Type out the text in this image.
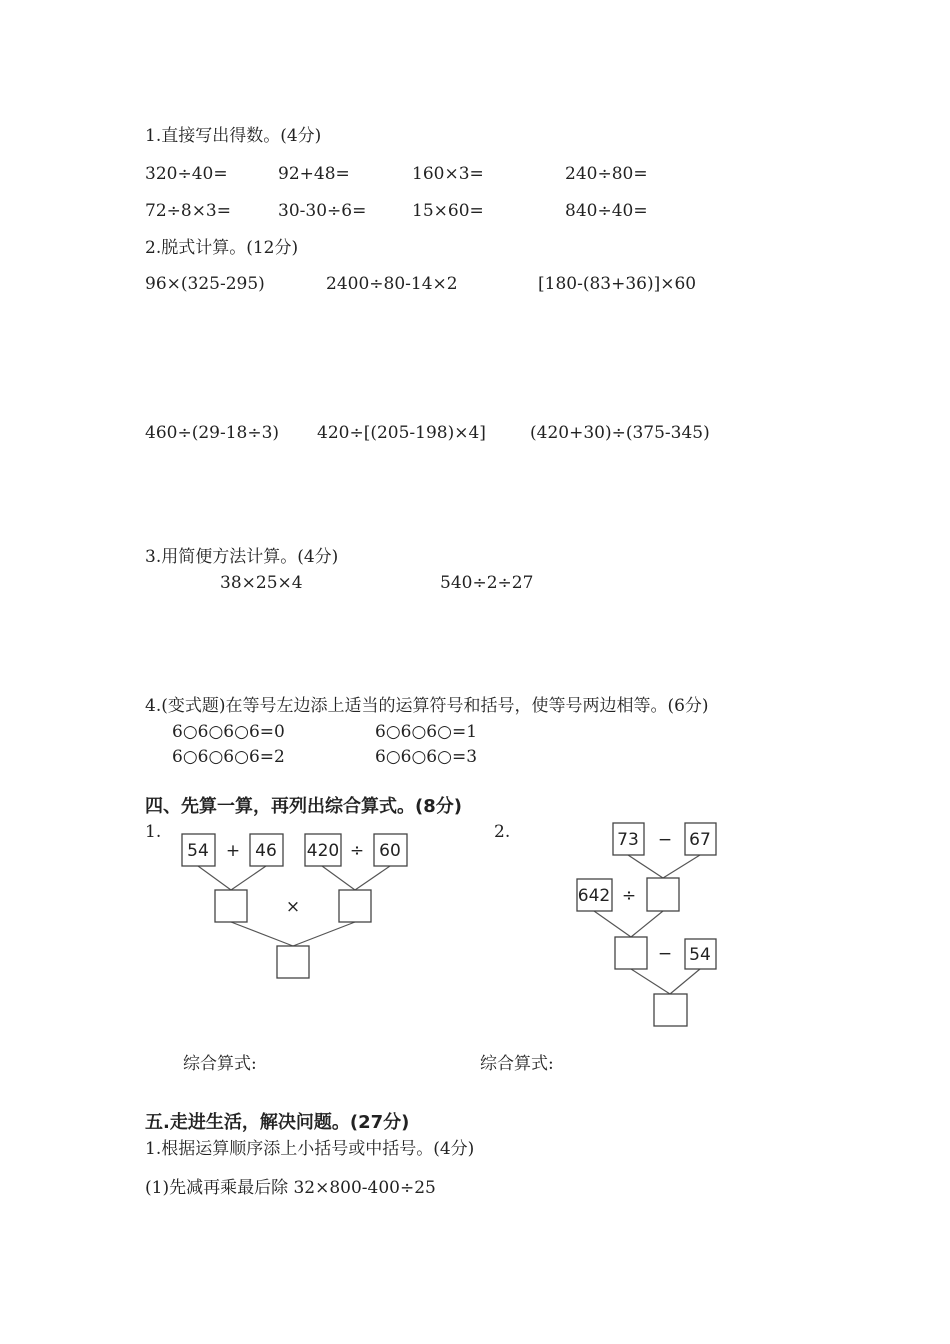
1.直接写出得数。(4分)
320÷40=	92+48=	160×3=	240÷80=
72÷8×3=	30-30÷6=	15×60=	840÷40=
2.脱式计算。(12分)
96×(325-295)	2400÷80-14×2	[180-(83+36)]×60
460÷(29-18÷3) 420÷[(205-198)×4]	(420+30)÷(375-345)
3.用简便方法计算。(4分)
38×25×4	540÷2÷27
4.(变式题)在等号左边添上适当的运算符号和括号，使等号两边相等。(6分)
6○6○6○6=0	6○6○6○=1
6○6○6○6=2	6○6○6○=3
四、先算一算，再列出综合算式。(8分)
1.	2.
54 + 46 420 ÷ 60
×
73 − 67
642 ÷
− 54
综合算式:	综合算式:
五.走进生活，解决问题。(27分)
1.根据运算顺序添上小括号或中括号。(4分)
(1)先减再乘最后除 32×800-400÷25
